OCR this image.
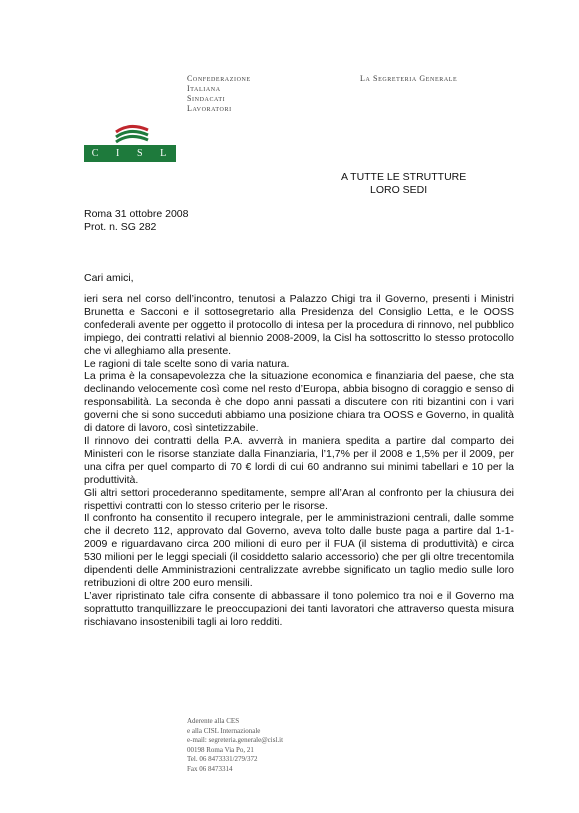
Confederazione
Italiana
Sindacati
Lavoratori
La Segreteria Generale
C I S L
A TUTTE LE STRUTTURE
LORO SEDI
Roma 31 ottobre 2008
Prot. n. SG 282
Cari amici,

ieri sera nel corso dell’incontro, tenutosi a Palazzo Chigi tra il Governo, presenti i Ministri Brunetta e Sacconi e il sottosegretario alla Presidenza del Consiglio Letta, e le OOSS confederali avente per oggetto il protocollo di intesa per la procedura di rinnovo, nel pubblico impiego, dei contratti relativi al biennio 2008-2009, la Cisl ha sottoscritto lo stesso protocollo che vi alleghiamo alla presente.

Le ragioni di tale scelte sono di varia natura.

La prima è la consapevolezza che la situazione economica e finanziaria del paese, che sta declinando velocemente così come nel resto d’Europa, abbia bisogno di coraggio e senso di responsabilità. La seconda è che dopo anni passati a discutere con riti bizantini con i vari governi che si sono succeduti abbiamo una posizione chiara tra OOSS e Governo, in qualità di datore di lavoro, così sintetizzabile.

Il rinnovo dei contratti della P.A. avverrà in maniera spedita a partire dal comparto dei Ministeri con le risorse stanziate dalla Finanziaria, l’1,7% per il 2008 e 1,5% per il 2009, per una cifra per quel comparto di 70 € lordi di cui 60 andranno sui minimi tabellari e 10 per la produttività.

Gli altri settori procederanno speditamente, sempre all’Aran al confronto per la chiusura dei rispettivi contratti con lo stesso criterio per le risorse.

Il confronto ha consentito il recupero integrale, per le amministrazioni centrali, dalle somme che il decreto 112, approvato dal Governo, aveva tolto dalle buste paga a partire dal 1-1-2009 e riguardavano circa 200 milioni di euro per il FUA (il sistema di produttività) e circa 530 milioni per le leggi speciali (il cosiddetto salario accessorio) che per gli oltre trecentomila dipendenti delle Amministrazioni centralizzate avrebbe significato un taglio medio sulle loro retribuzioni di oltre 200 euro mensili.

L’aver ripristinato tale cifra consente di abbassare il tono polemico tra noi e il Governo ma soprattutto tranquillizzare le preoccupazioni dei tanti lavoratori che attraverso questa misura rischiavano insostenibili tagli ai loro redditi.

Aderente alla CES
e alla CISL Internazionale
e-mail: segreteria.generale@cisl.it
00198 Roma Via Po, 21
Tel. 06 8473331/279/372
Fax 06 8473314
